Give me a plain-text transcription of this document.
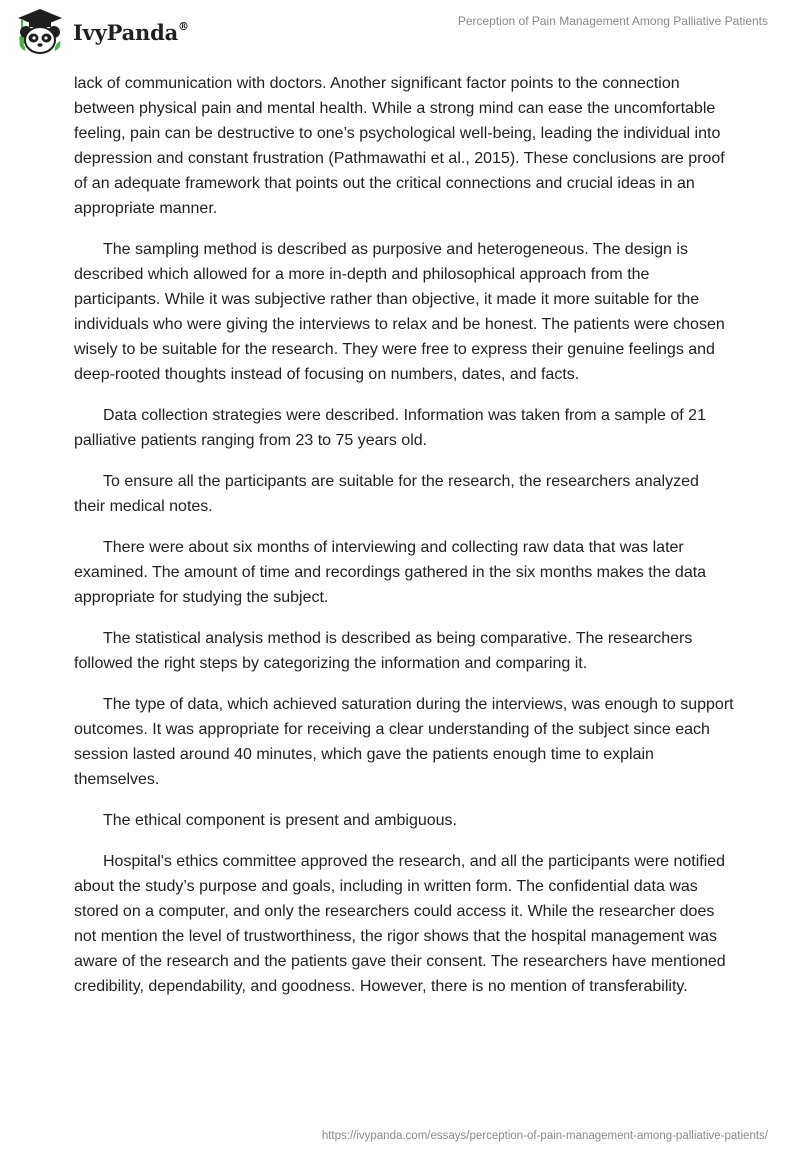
IvyPanda®	Perception of Pain Management Among Palliative Patients

lack of communication with doctors. Another significant factor points to the connection between physical pain and mental health. While a strong mind can ease the uncomfortable feeling, pain can be destructive to one’s psychological well-being, leading the individual into depression and constant frustration (Pathmawathi et al., 2015). These conclusions are proof of an adequate framework that points out the critical connections and crucial ideas in an appropriate manner.

The sampling method is described as purposive and heterogeneous. The design is described which allowed for a more in-depth and philosophical approach from the participants. While it was subjective rather than objective, it made it more suitable for the individuals who were giving the interviews to relax and be honest. The patients were chosen wisely to be suitable for the research. They were free to express their genuine feelings and deep-rooted thoughts instead of focusing on numbers, dates, and facts.

Data collection strategies were described. Information was taken from a sample of 21 palliative patients ranging from 23 to 75 years old.

To ensure all the participants are suitable for the research, the researchers analyzed their medical notes.

There were about six months of interviewing and collecting raw data that was later examined. The amount of time and recordings gathered in the six months makes the data appropriate for studying the subject.

The statistical analysis method is described as being comparative. The researchers followed the right steps by categorizing the information and comparing it.

The type of data, which achieved saturation during the interviews, was enough to support outcomes. It was appropriate for receiving a clear understanding of the subject since each session lasted around 40 minutes, which gave the patients enough time to explain themselves.

The ethical component is present and ambiguous.

Hospital's ethics committee approved the research, and all the participants were notified about the study’s purpose and goals, including in written form. The confidential data was stored on a computer, and only the researchers could access it. While the researcher does not mention the level of trustworthiness, the rigor shows that the hospital management was aware of the research and the patients gave their consent. The researchers have mentioned credibility, dependability, and goodness. However, there is no mention of transferability.

https://ivypanda.com/essays/perception-of-pain-management-among-palliative-patients/
